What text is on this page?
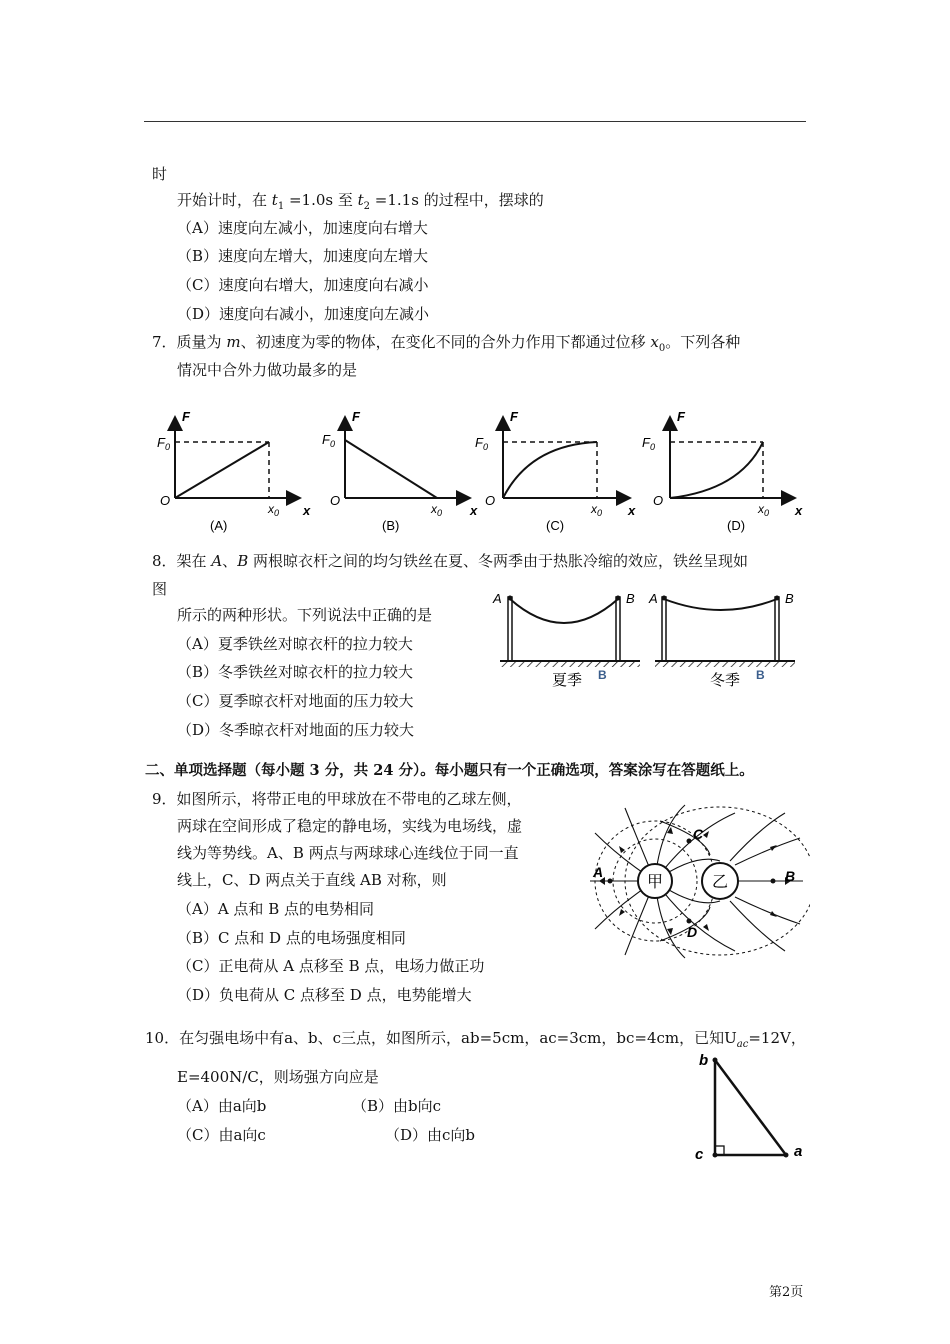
时
开始计时，在 $t_1 =1.0s$ 至 $t_2 =1.1s$ 的过程中，摆球的
（A）速度向左减小，加速度向右增大
（B）速度向左增大，加速度向左增大
（C）速度向右增大，加速度向右减小
（D）速度向右减小，加速度向左减小
7．质量为 m、初速度为零的物体，在变化不同的合外力作用下都通过位移 $x_0$。下列各种
情况中合外力做功最多的是
F
$F_0$
O
$x_0$ x
(A)
F
$F_0$
O
$x_0$ x
(B)
F
$F_0$
O
$x_0$ x
(C)
F
$F_0$
O
$x_0$ x
(D)
8．架在 A、B 两根晾衣杆之间的均匀铁丝在夏、冬两季由于热胀冷缩的效应，铁丝呈现如
图
所示的两种形状。下列说法中正确的是
（A）夏季铁丝对晾衣杆的拉力较大
（B）冬季铁丝对晾衣杆的拉力较大
（C）夏季晾衣杆对地面的压力较大
（D）冬季晾衣杆对地面的压力较大
A	B
夏季 B
A	B
冬季 B
二、单项选择题（每小题 3 分，共 24 分）。每小题只有一个正确选项，答案涂写在答题纸上。
9．如图所示，将带正电的甲球放在不带电的乙球左侧，
两球在空间形成了稳定的静电场，实线为电场线，虚
线为等势线。A、B 两点与两球球心连线位于同一直
线上，C、D 两点关于直线 AB 对称，则
（A）A 点和 B 点的电势相同
（B）C 点和 D 点的电场强度相同
（C）正电荷从 A 点移至 B 点，电场力做正功
（D）负电荷从 C 点移至 D 点，电势能增大
甲	乙
A	B
C
D
10．在匀强电场中有a、b、c三点，如图所示，ab=5cm，ac=3cm，bc=4cm，已知$U_{ac}=12V$，
E=400N/C，则场强方向应是
（A）由a向b	（B）由b向c
（C）由a向c	（D）由c向b
b
c	a
第2页
